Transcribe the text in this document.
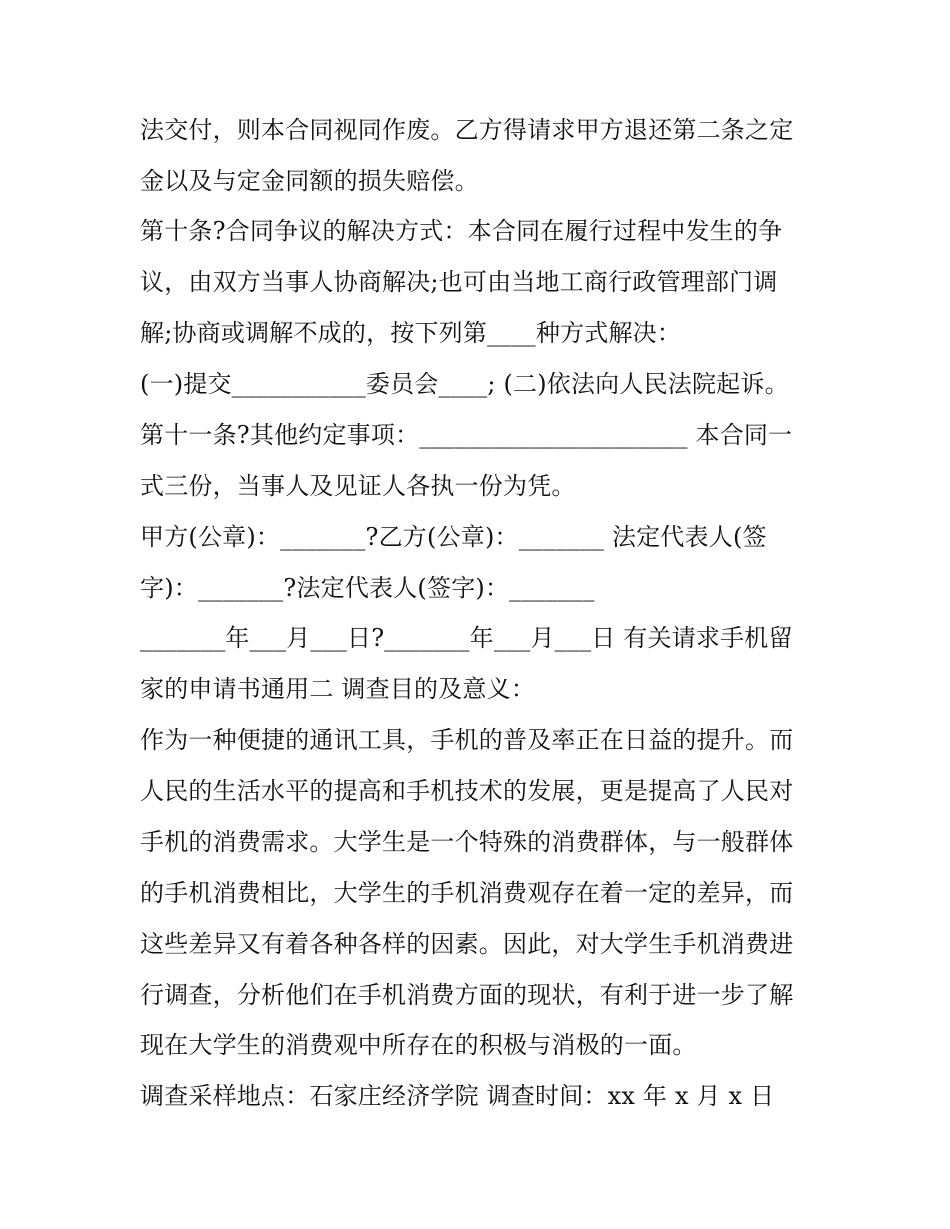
法交付，则本合同视同作废。乙方得请求甲方退还第二条之定
金以及与定金同额的损失赔偿。
第十条?合同争议的解决方式：本合同在履行过程中发生的争
议，由双方当事人协商解决;也可由当地工商行政管理部门调
解;协商或调解不成的，按下列第____种方式解决：
(一)提交___________委员会____; (二)依法向人民法院起诉。
第十一条?其他约定事项：______________________ 本合同一
式三份，当事人及见证人各执一份为凭。
甲方(公章)：_______?乙方(公章)：_______ 法定代表人(签
字)：_______?法定代表人(签字)：_______
_______年___月___日?_______年___月___日 有关请求手机留
家的申请书通用二 调查目的及意义：
作为一种便捷的通讯工具，手机的普及率正在日益的提升。而
人民的生活水平的提高和手机技术的发展，更是提高了人民对
手机的消费需求。大学生是一个特殊的消费群体，与一般群体
的手机消费相比，大学生的手机消费观存在着一定的差异，而
这些差异又有着各种各样的因素。因此，对大学生手机消费进
行调查，分析他们在手机消费方面的现状，有利于进一步了解
现在大学生的消费观中所存在的积极与消极的一面。
调查采样地点：石家庄经济学院 调查时间：xx 年 x 月 x 日
